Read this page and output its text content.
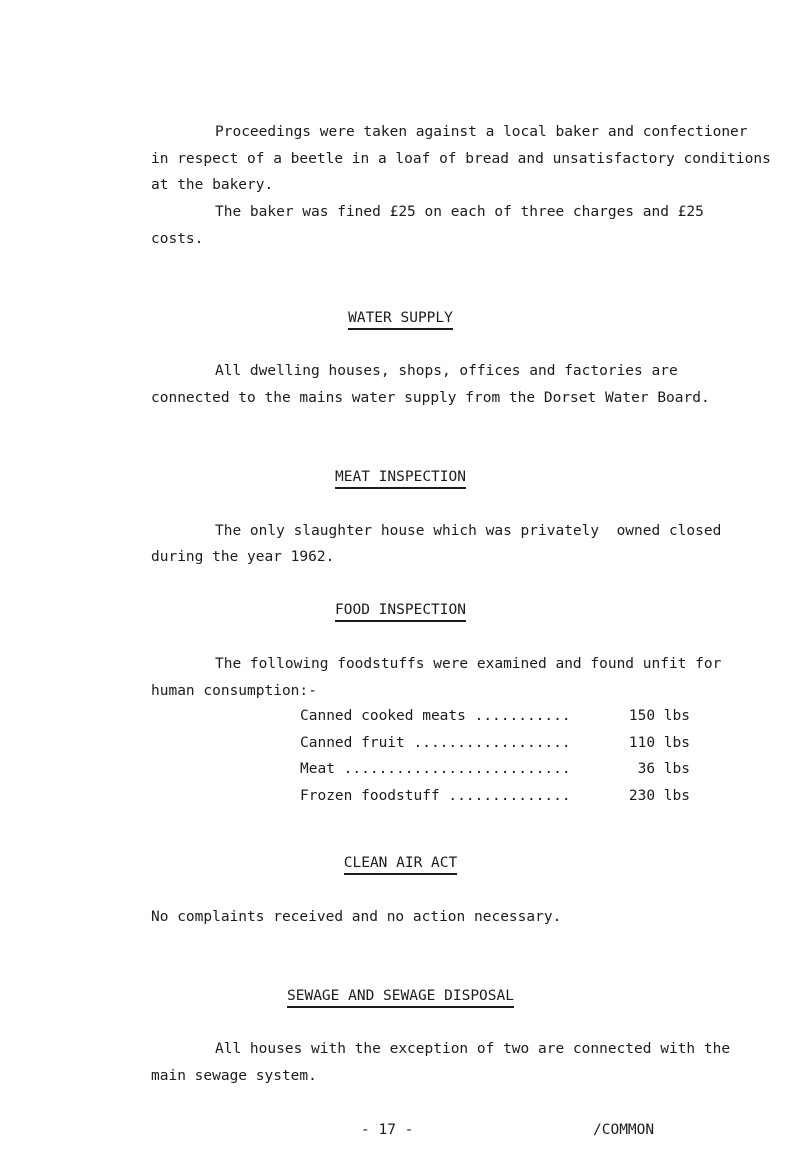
Proceedings were taken against a local baker and confectioner
in respect of a beetle in a loaf of bread and unsatisfactory conditions
at the bakery.
The baker was fined £25 on each of three charges and £25
costs.
WATER SUPPLY
All dwelling houses, shops, offices and factories are
connected to the mains water supply from the Dorset Water Board.
MEAT INSPECTION
The only slaughter house which was privately  owned closed
during the year 1962.
FOOD INSPECTION
The following foodstuffs were examined and found unfit for
human consumption:-
Canned cooked meats ...........	150 lbs
Canned fruit ..................	110 lbs
Meat ..........................	36 lbs
Frozen foodstuff ..............	230 lbs
CLEAN AIR ACT
No complaints received and no action necessary.
SEWAGE AND SEWAGE DISPOSAL
All houses with the exception of two are connected with the
main sewage system.
- 17 -	/COMMON
